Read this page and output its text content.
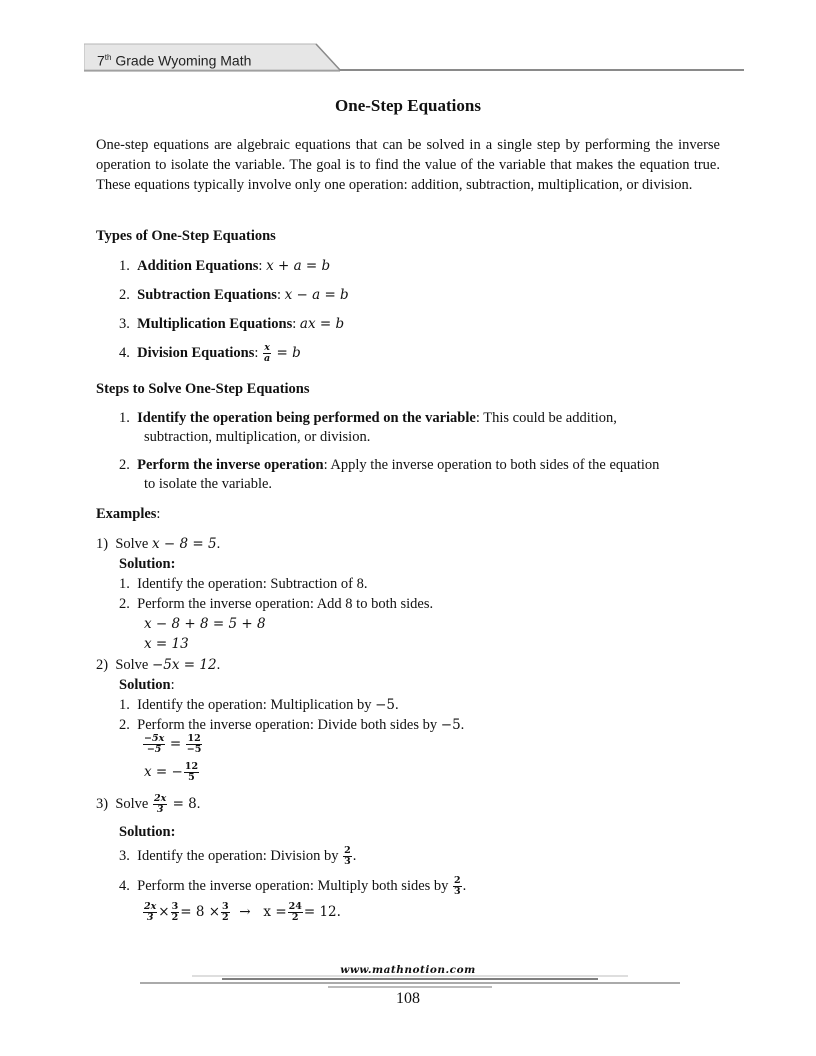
7th Grade Wyoming Math
One-Step Equations
One-step equations are algebraic equations that can be solved in a single step by performing the inverse operation to isolate the variable. The goal is to find the value of the variable that makes the equation true. These equations typically involve only one operation: addition, subtraction, multiplication, or division.
Types of One-Step Equations
1. Addition Equations: x + a = b
2. Subtraction Equations: x − a = b
3. Multiplication Equations: ax = b
4. Division Equations: $\frac{x}{a} = b$
Steps to Solve One-Step Equations
1. Identify the operation being performed on the variable: This could be addition,
subtraction, multiplication, or division.
2. Perform the inverse operation: Apply the inverse operation to both sides of the equation
to isolate the variable.
Examples:
1) Solve x − 8 = 5.
Solution:
1. Identify the operation: Subtraction of 8.
2. Perform the inverse operation: Add 8 to both sides.
x − 8 + 8 = 5 + 8
x = 13
2) Solve −5x = 12.
Solution:
1. Identify the operation: Multiplication by −5.
2. Perform the inverse operation: Divide both sides by −5.
$\frac{-5x}{-5} = \frac{12}{-5}$
x = − $\frac{12}{5}$
3) Solve $\frac{2x}{3} = 8$.
Solution:
3. Identify the operation: Division by $\frac{2}{3}$ .
4. Perform the inverse operation: Multiply both sides by $\frac{2}{3}$ .
$\frac{2x}{3} \times \frac{3}{2} = 8 \times \frac{3}{2} \to x = \frac{24}{2} = 12$.
www.mathnotion.com
108
